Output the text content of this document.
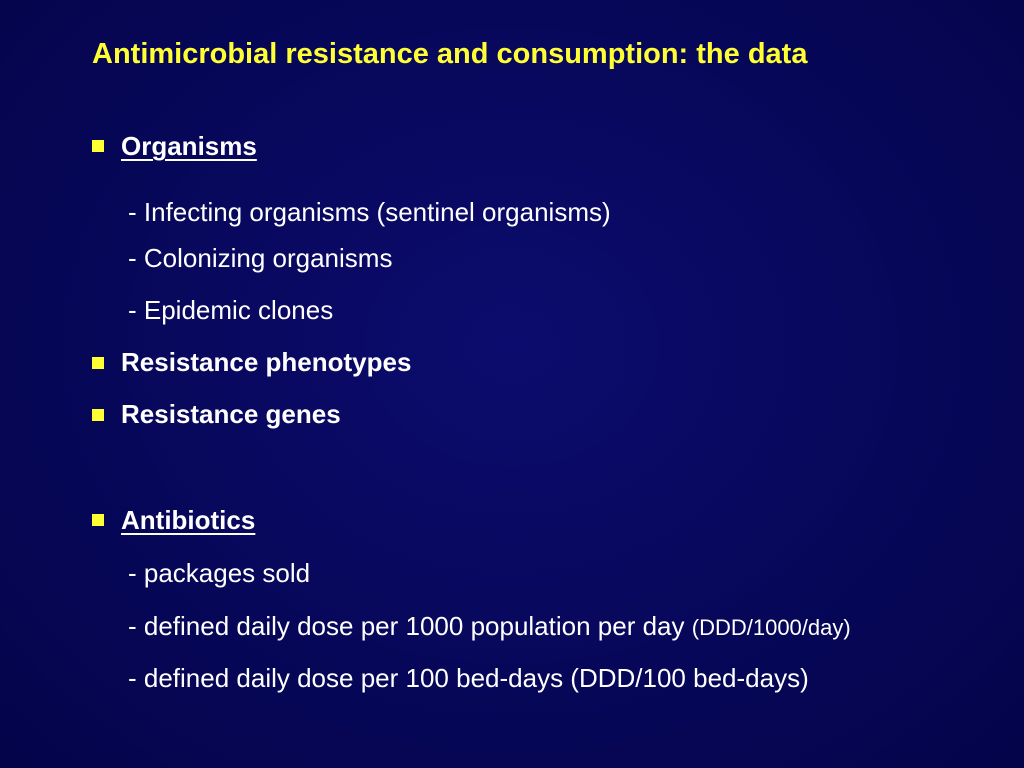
Antimicrobial resistance and consumption: the data
Organisms
- Infecting organisms (sentinel organisms)
- Colonizing organisms
- Epidemic clones
Resistance phenotypes
Resistance genes
Antibiotics
- packages sold
- defined daily dose per 1000 population per day (DDD/1000/day)
- defined daily dose per 100 bed-days (DDD/100 bed-days)
